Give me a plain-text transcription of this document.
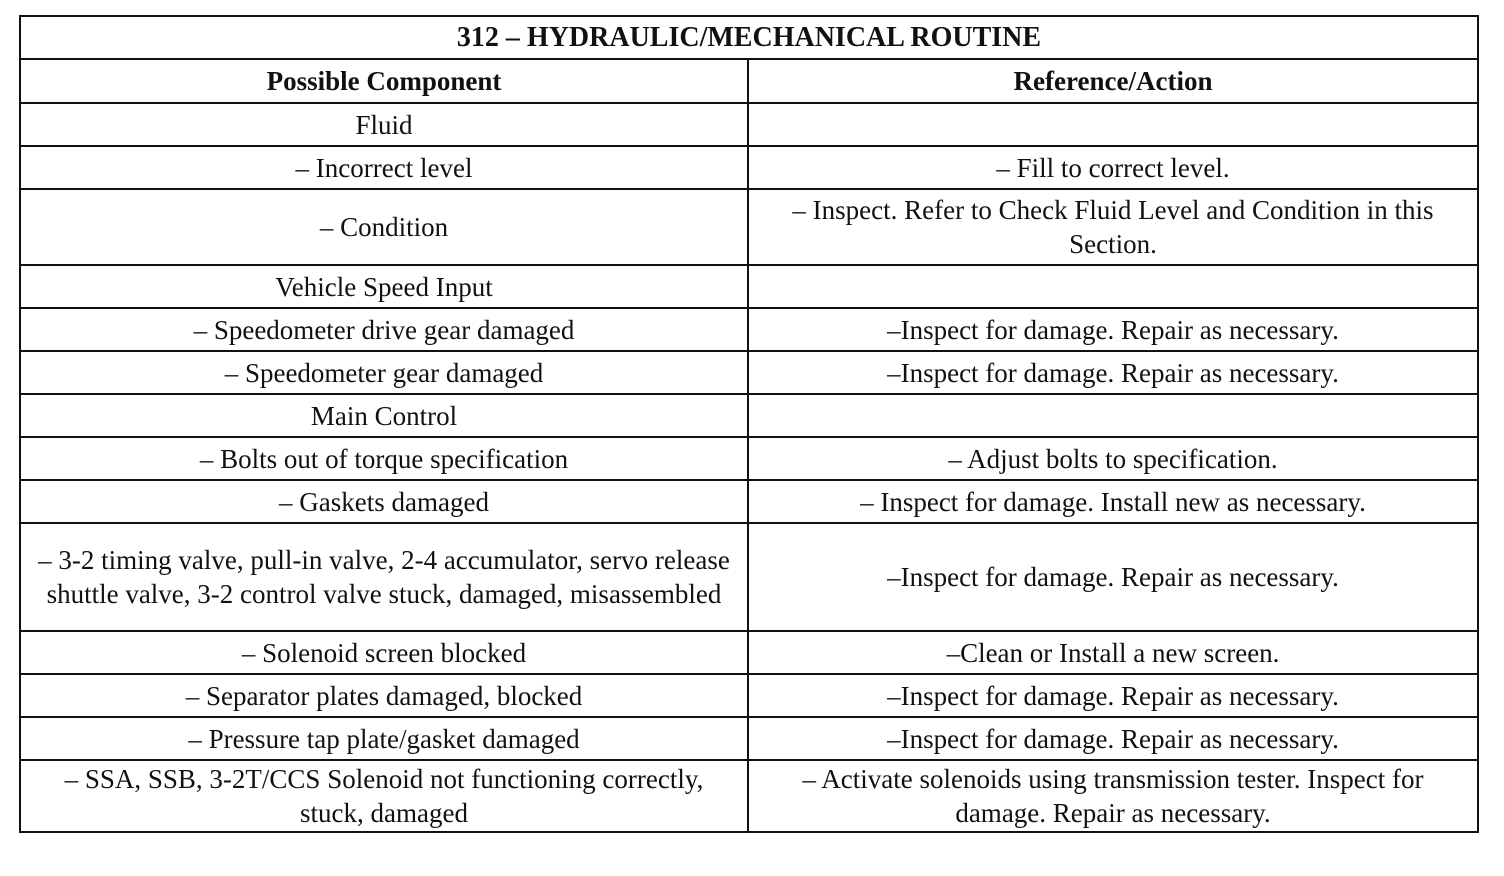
312 – HYDRAULIC/MECHANICAL ROUTINE	
Possible Component	Reference/Action
Fluid	
– Incorrect level	– Fill to correct level.
– Condition	– Inspect. Refer to Check Fluid Level and Condition in this Section.
Vehicle Speed Input	
– Speedometer drive gear damaged	–Inspect for damage. Repair as necessary.
– Speedometer gear damaged	–Inspect for damage. Repair as necessary.
Main Control	
– Bolts out of torque specification	– Adjust bolts to specification.
– Gaskets damaged	– Inspect for damage. Install new as necessary.
– 3-2 timing valve, pull-in valve, 2-4 accumulator, servo release shuttle valve, 3-2 control valve stuck, damaged, misassembled	–Inspect for damage. Repair as necessary.
– Solenoid screen blocked	–Clean or Install a new screen.
– Separator plates damaged, blocked	–Inspect for damage. Repair as necessary.
– Pressure tap plate/gasket damaged	–Inspect for damage. Repair as necessary.
– SSA, SSB, 3-2T/CCS Solenoid not functioning correctly, stuck, damaged	– Activate solenoids using transmission tester. Inspect for damage. Repair as necessary.
